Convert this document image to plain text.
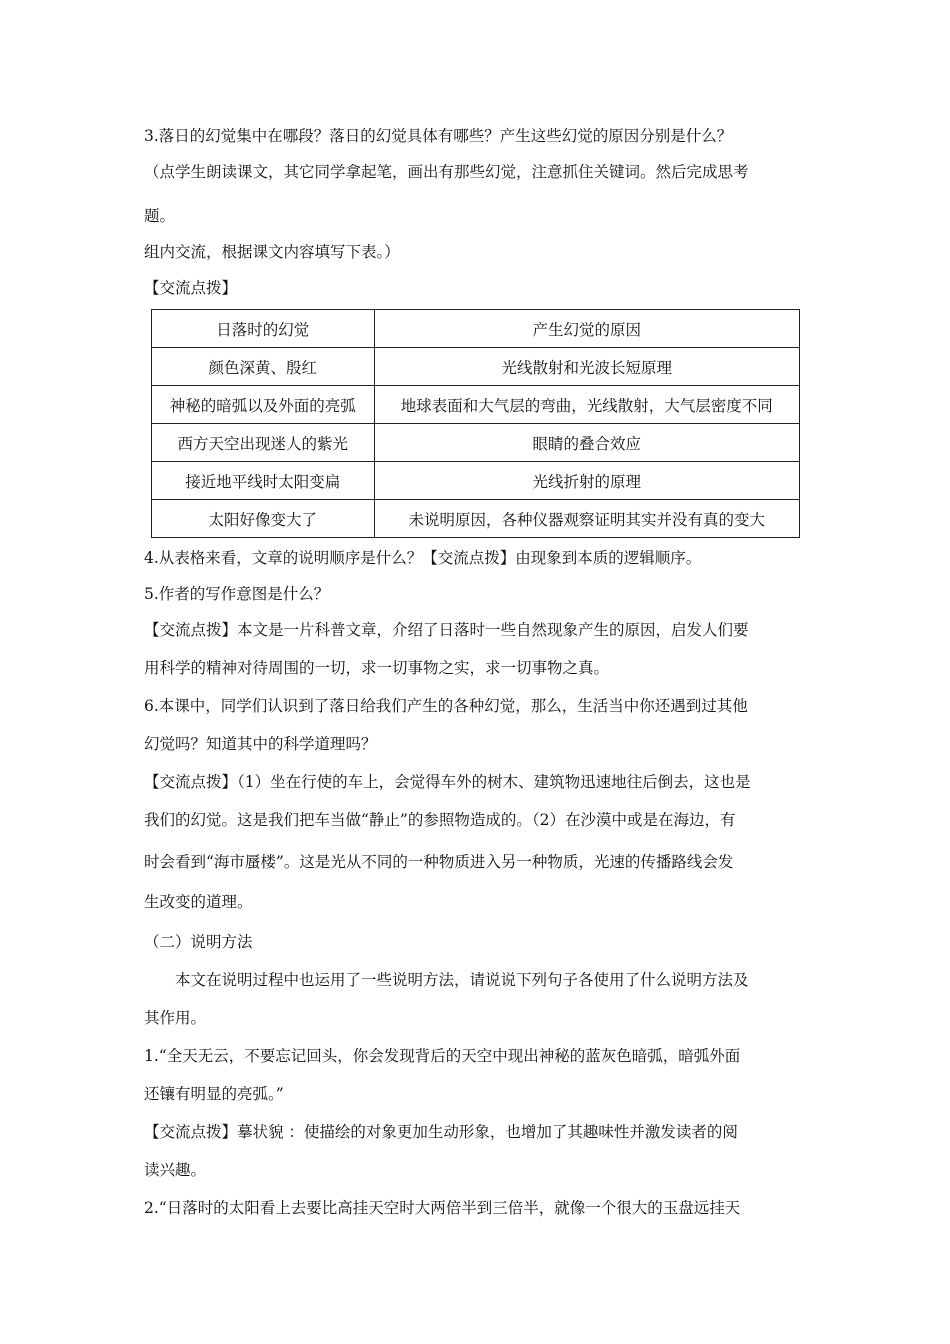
3.落日的幻觉集中在哪段？落日的幻觉具体有哪些？产生这些幻觉的原因分别是什么？
（点学生朗读课文，其它同学拿起笔，画出有那些幻觉，注意抓住关键词。然后完成思考
题。
组内交流，根据课文内容填写下表。）
【交流点拨】
日落时的幻觉	产生幻觉的原因
颜色深黄、殷红	光线散射和光波长短原理
神秘的暗弧以及外面的亮弧	地球表面和大气层的弯曲，光线散射，大气层密度不同
西方天空出现迷人的紫光	眼睛的叠合效应
接近地平线时太阳变扁	光线折射的原理
太阳好像变大了	未说明原因，各种仪器观察证明其实并没有真的变大
4.从表格来看，文章的说明顺序是什么？【交流点拨】由现象到本质的逻辑顺序。
5.作者的写作意图是什么？
【交流点拨】本文是一片科普文章，介绍了日落时一些自然现象产生的原因，启发人们要
用科学的精神对待周围的一切，求一切事物之实，求一切事物之真。
6.本课中，同学们认识到了落日给我们产生的各种幻觉，那么，生活当中你还遇到过其他
幻觉吗？知道其中的科学道理吗？
【交流点拨】（1）坐在行使的车上，会觉得车外的树木、建筑物迅速地往后倒去，这也是
我们的幻觉。这是我们把车当做“静止”的参照物造成的。（2）在沙漠中或是在海边，有
时会看到“海市蜃楼”。这是光从不同的一种物质进入另一种物质，光速的传播路线会发
生改变的道理。
（二）说明方法
本文在说明过程中也运用了一些说明方法，请说说下列句子各使用了什么说明方法及
其作用。
1.“全天无云，不要忘记回头，你会发现背后的天空中现出神秘的蓝灰色暗弧，暗弧外面
还镶有明显的亮弧。”
【交流点拨】摹状貌 ：使描绘的对象更加生动形象，也增加了其趣味性并激发读者的阅
读兴趣。
2.“日落时的太阳看上去要比高挂天空时大两倍半到三倍半，就像一个很大的玉盘远挂天
